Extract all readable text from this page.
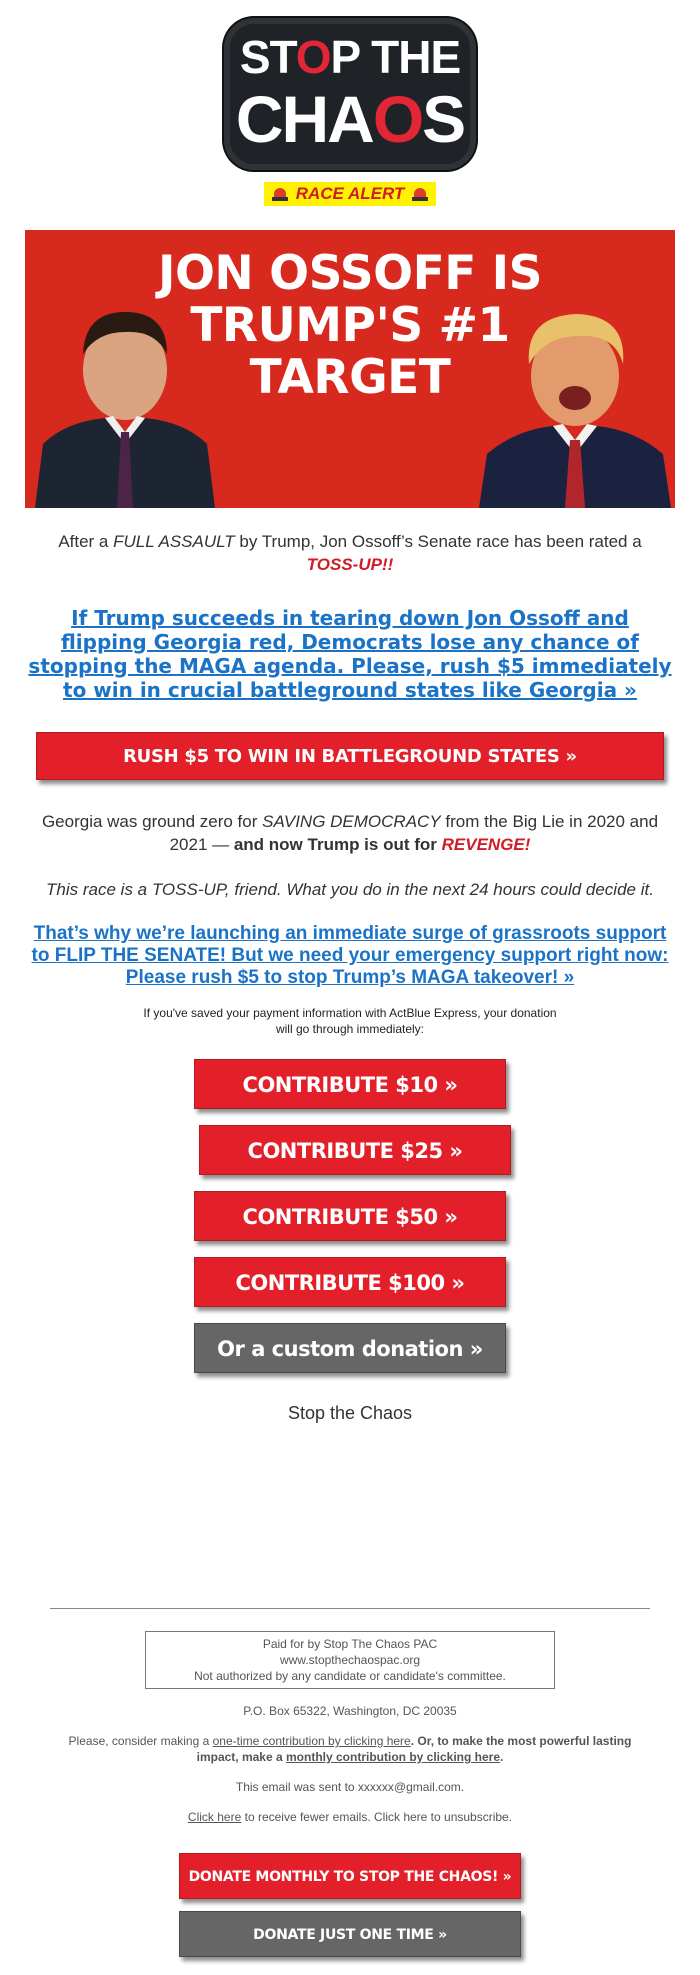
STOP THE
CHAOS
RACE ALERT
JON OSSOFF IS
TRUMP'S #1
TARGET
After a FULL ASSAULT by Trump, Jon Ossoff’s Senate race has been rated a
TOSS-UP!!
If Trump succeeds in tearing down Jon Ossoff and flipping Georgia red, Democrats lose any chance of stopping the MAGA agenda. Please, rush $5 immediately to win in crucial battleground states like Georgia »
RUSH $5 TO WIN IN BATTLEGROUND STATES »
Georgia was ground zero for SAVING DEMOCRACY from the Big Lie in 2020 and 2021 — and now Trump is out for REVENGE!
This race is a TOSS-UP, friend. What you do in the next 24 hours could decide it.
That’s why we’re launching an immediate surge of grassroots support to FLIP THE SENATE! But we need your emergency support right now: Please rush $5 to stop Trump’s MAGA takeover! »
If you've saved your payment information with ActBlue Express, your donation will go through immediately:
CONTRIBUTE $10 »
CONTRIBUTE $25 »
CONTRIBUTE $50 »
CONTRIBUTE $100 »
Or a custom donation »
Stop the Chaos
Paid for by Stop The Chaos PAC
www.stopthechaospac.org
Not authorized by any candidate or candidate's committee.
P.O. Box 65322, Washington, DC 20035
Please, consider making a one-time contribution by clicking here. Or, to make the most powerful lasting impact, make a monthly contribution by clicking here.
This email was sent to xxxxxx@gmail.com.
Click here to receive fewer emails. Click here to unsubscribe.
DONATE MONTHLY TO STOP THE CHAOS! »
DONATE JUST ONE TIME »
